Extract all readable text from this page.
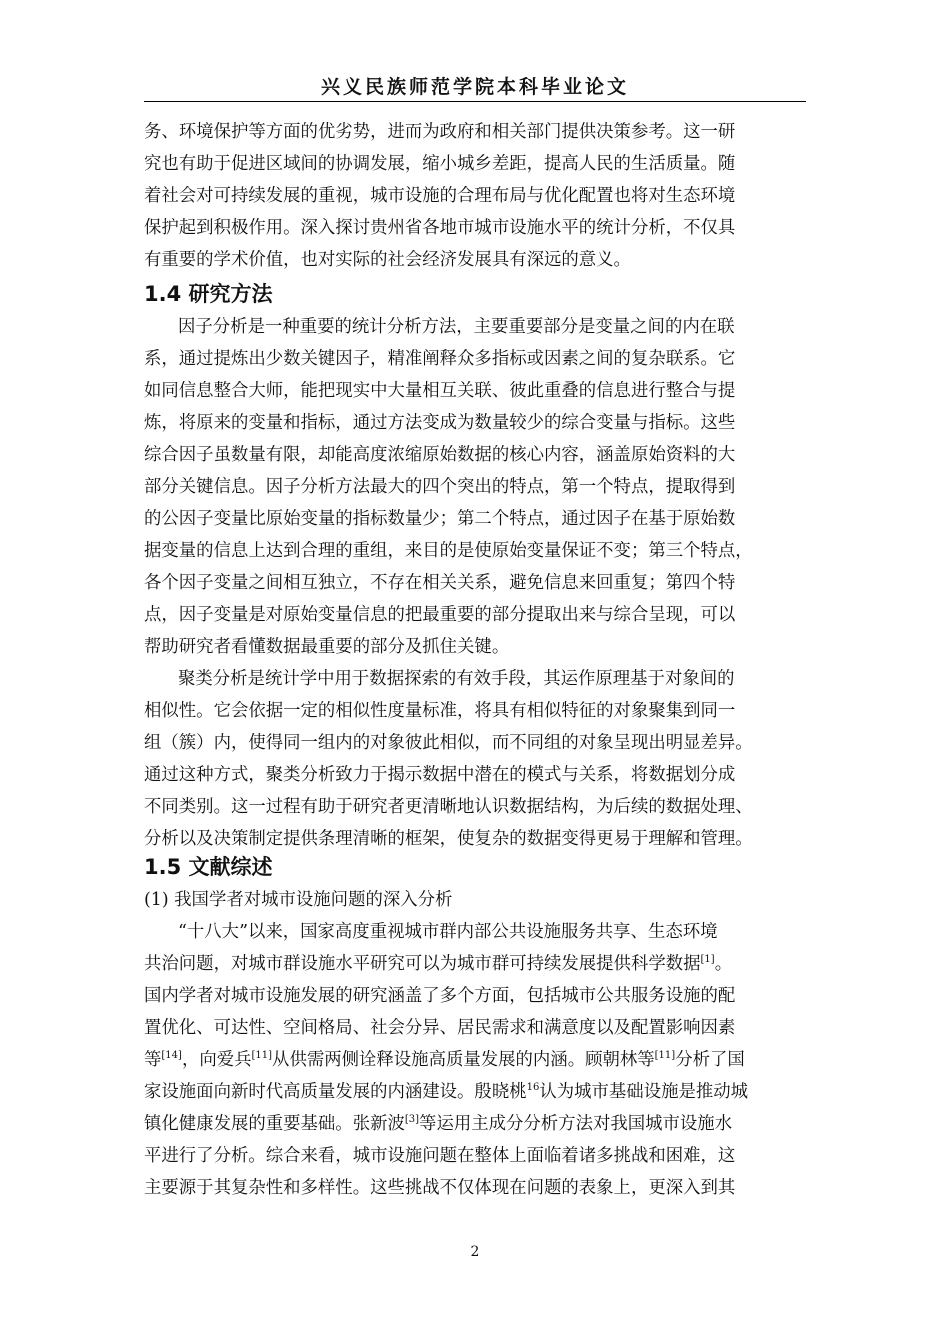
兴义民族师范学院本科毕业论文
务、环境保护等方面的优劣势，进而为政府和相关部门提供决策参考。这一研
究也有助于促进区域间的协调发展，缩小城乡差距，提高人民的生活质量。随
着社会对可持续发展的重视，城市设施的合理布局与优化配置也将对生态环境
保护起到积极作用。深入探讨贵州省各地市城市设施水平的统计分析，不仅具
有重要的学术价值，也对实际的社会经济发展具有深远的意义。
1.4 研究方法
因子分析是一种重要的统计分析方法，主要重要部分是变量之间的内在联
系，通过提炼出少数关键因子，精准阐释众多指标或因素之间的复杂联系。它
如同信息整合大师，能把现实中大量相互关联、彼此重叠的信息进行整合与提
炼，将原来的变量和指标，通过方法变成为数量较少的综合变量与指标。这些
综合因子虽数量有限，却能高度浓缩原始数据的核心内容，涵盖原始资料的大
部分关键信息。因子分析方法最大的四个突出的特点，第一个特点，提取得到
的公因子变量比原始变量的指标数量少；第二个特点，通过因子在基于原始数
据变量的信息上达到合理的重组，来目的是使原始变量保证不变；第三个特点，
各个因子变量之间相互独立，不存在相关关系，避免信息来回重复；第四个特
点，因子变量是对原始变量信息的把最重要的部分提取出来与综合呈现，可以
帮助研究者看懂数据最重要的部分及抓住关键。
聚类分析是统计学中用于数据探索的有效手段，其运作原理基于对象间的
相似性。它会依据一定的相似性度量标准，将具有相似特征的对象聚集到同一
组（簇）内，使得同一组内的对象彼此相似，而不同组的对象呈现出明显差异。
通过这种方式，聚类分析致力于揭示数据中潜在的模式与关系，将数据划分成
不同类别。这一过程有助于研究者更清晰地认识数据结构，为后续的数据处理、
分析以及决策制定提供条理清晰的框架，使复杂的数据变得更易于理解和管理。
1.5 文献综述
(1) 我国学者对城市设施问题的深入分析
“十八大”以来，国家高度重视城市群内部公共设施服务共享、生态环境
共治问题，对城市群设施水平研究可以为城市群可持续发展提供科学数据[1]。
国内学者对城市设施发展的研究涵盖了多个方面，包括城市公共服务设施的配
置优化、可达性、空间格局、社会分异、居民需求和满意度以及配置影响因素
等[14]，向爱兵[11]从供需两侧诠释设施高质量发展的内涵。顾朝林等[11]分析了国
家设施面向新时代高质量发展的内涵建设。殷晓桃$^{16}$认为城市基础设施是推动城
镇化健康发展的重要基础。张新波[3]等运用主成分分析方法对我国城市设施水
平进行了分析。综合来看，城市设施问题在整体上面临着诸多挑战和困难，这
主要源于其复杂性和多样性。这些挑战不仅体现在问题的表象上，更深入到其
2
